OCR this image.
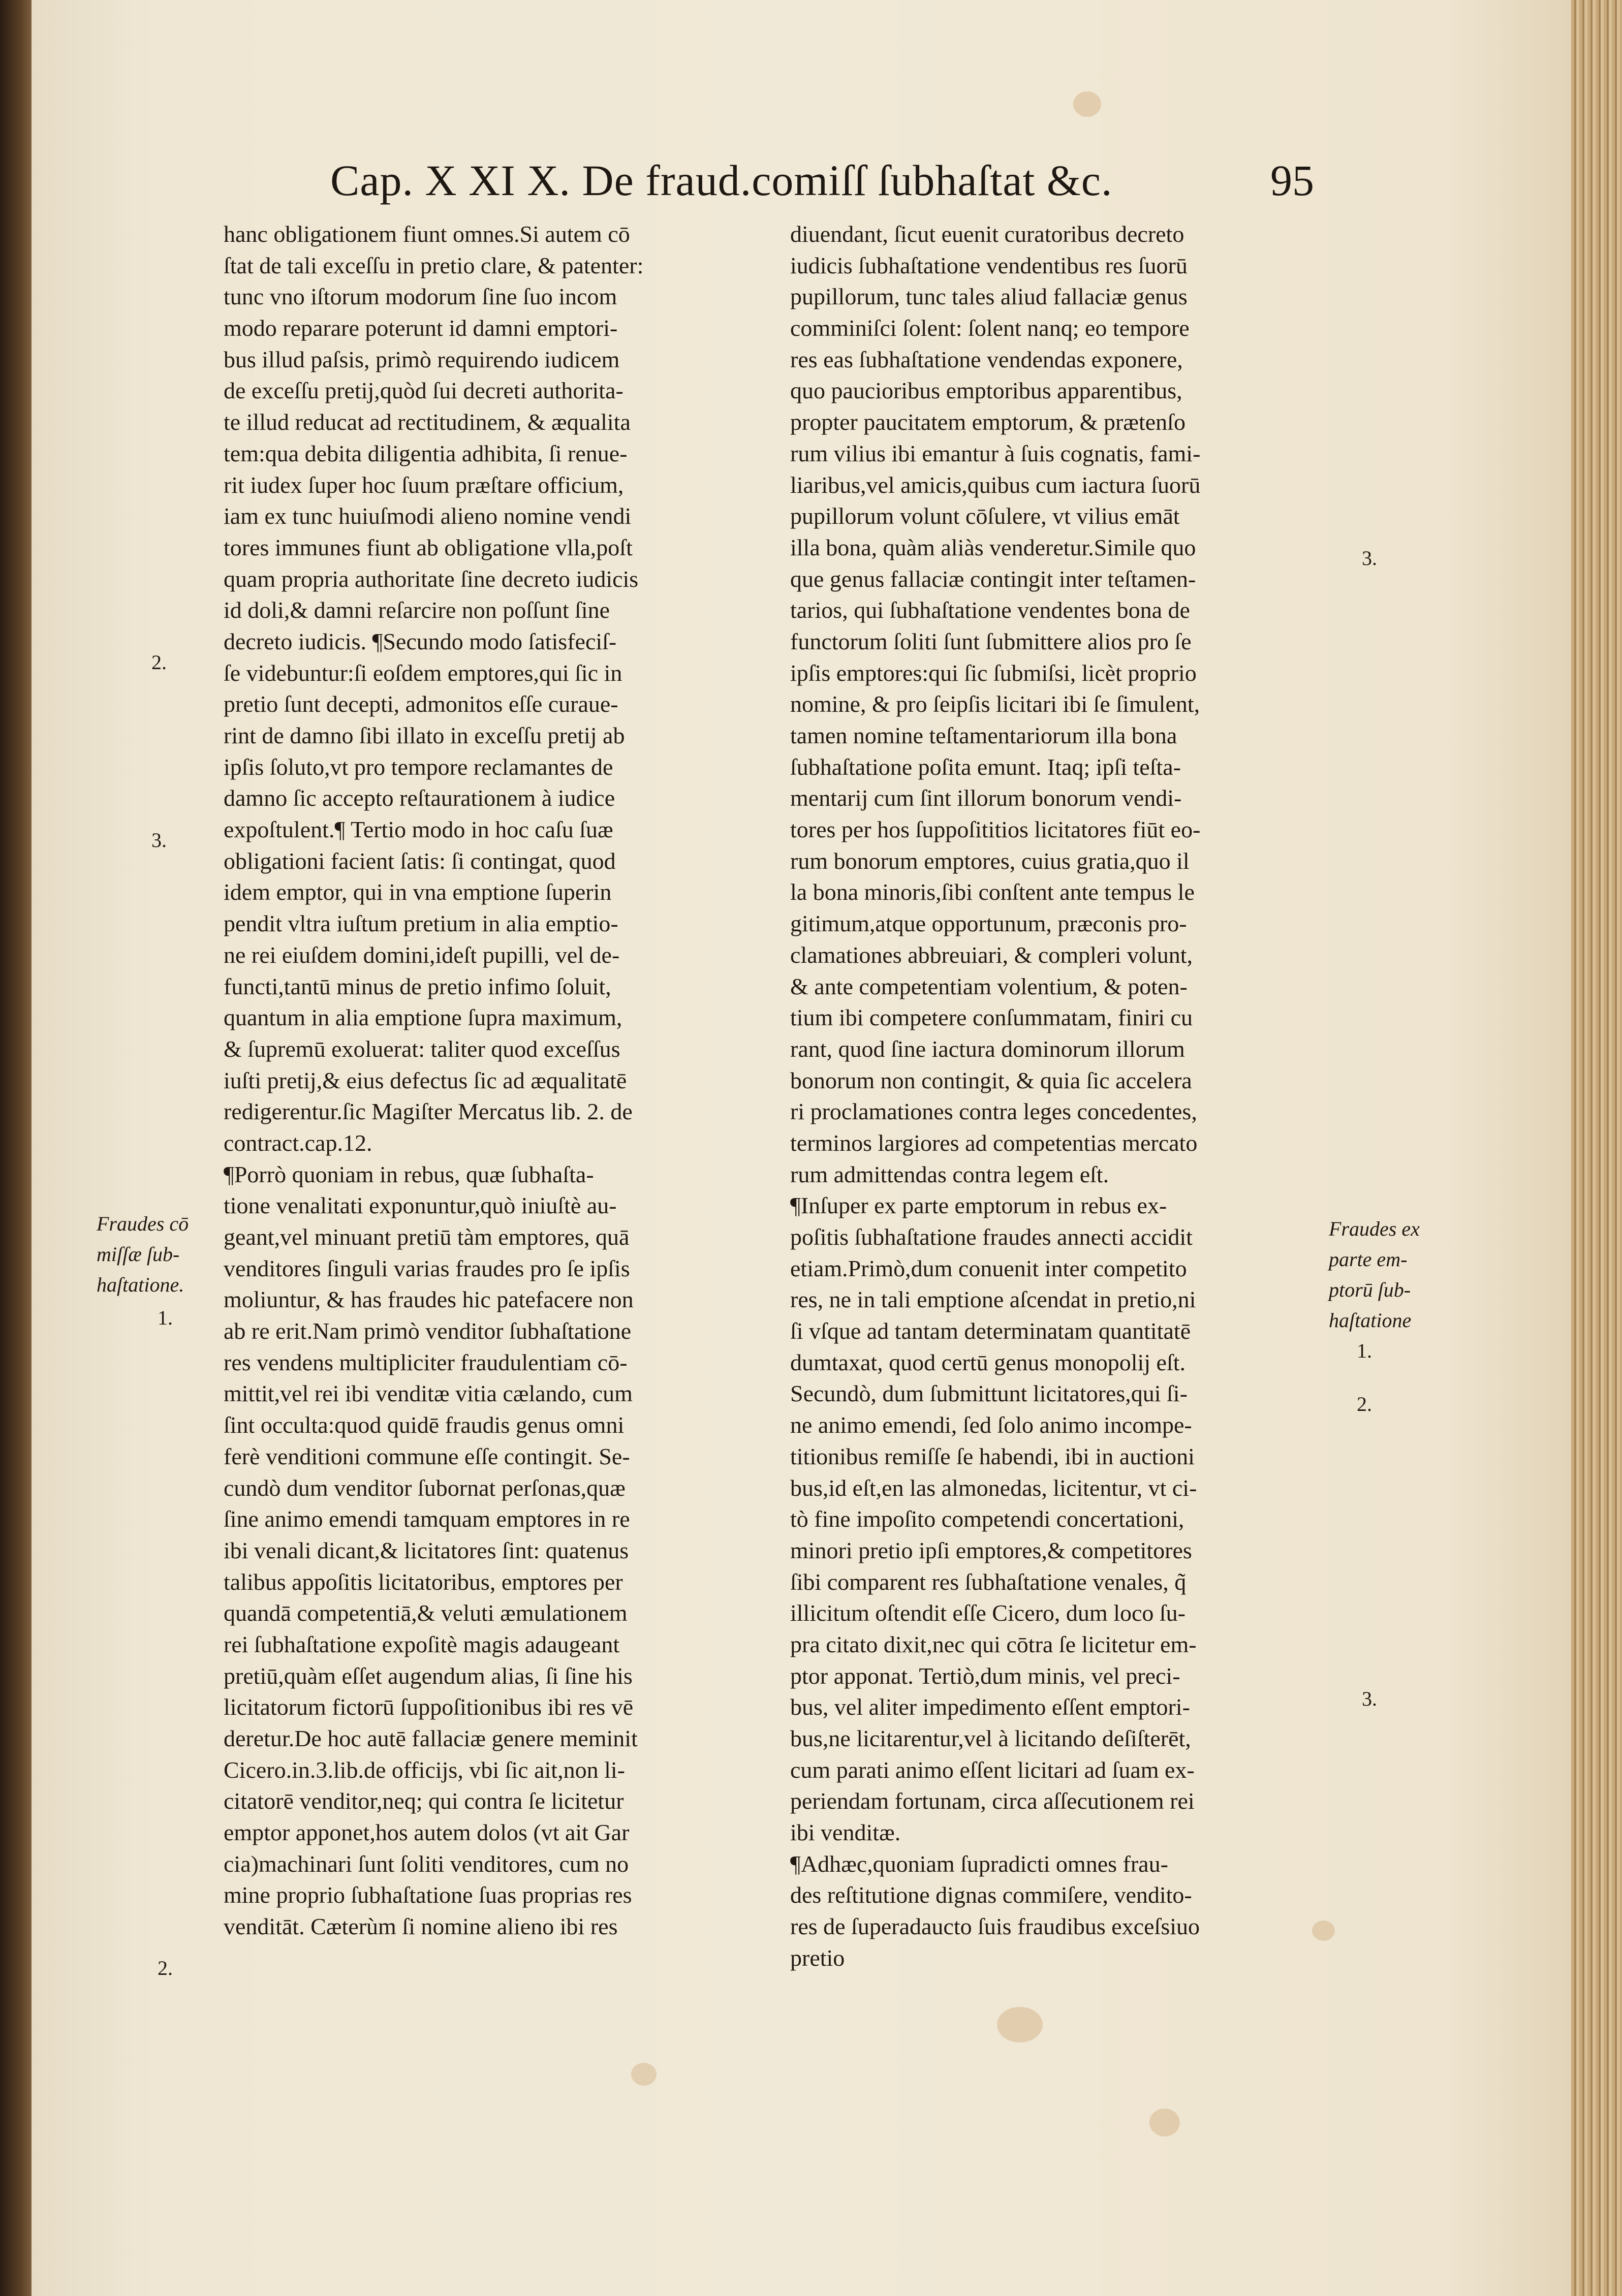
Cap. X XI X. De fraud.comiſſ ſubhaſtat &c.	95
hanc obligationem fiunt omnes.Si autem cō
ſtat de tali exceſſu in pretio clare, & patenter:
tunc vno iſtorum modorum ſine ſuo incom
modo reparare poterunt id damni emptori-
bus illud paſsis, primò requirendo iudicem
de exceſſu pretij,quòd ſui decreti authorita-
te illud reducat ad rectitudinem, & æqualita
tem:qua debita diligentia adhibita, ſi renue-
rit iudex ſuper hoc ſuum præſtare officium,
iam ex tunc huiuſmodi alieno nomine vendi
tores immunes fiunt ab obligatione vlla,poſt
quam propria authoritate ſine decreto iudicis
id doli,& damni reſarcire non poſſunt ſine
decreto iudicis. ¶Secundo modo ſatisfeciſ-
ſe videbuntur:ſi eoſdem emptores,qui ſic in
pretio ſunt decepti, admonitos eſſe curaue-
rint de damno ſibi illato in exceſſu pretij ab
ipſis ſoluto,vt pro tempore reclamantes de
damno ſic accepto reſtaurationem à iudice
expoſtulent.¶ Tertio modo in hoc caſu ſuæ
obligationi facient ſatis: ſi contingat, quod
idem emptor, qui in vna emptione ſuperin
pendit vltra iuſtum pretium in alia emptio-
ne rei eiuſdem domini,ideſt pupilli, vel de-
functi,tantū minus de pretio infimo ſoluit,
quantum in alia emptione ſupra maximum,
& ſupremū exoluerat: taliter quod exceſſus
iuſti pretij,& eius defectus ſic ad æqualitatē
redigerentur.ſic Magiſter Mercatus lib. 2. de
contract.cap.12.
¶Porrò quoniam in rebus, quæ ſubhaſta-
tione venalitati exponuntur,quò iniuſtè au-
geant,vel minuant pretiū tàm emptores, quā
venditores ſinguli varias fraudes pro ſe ipſis
moliuntur, & has fraudes hic patefacere non
ab re erit.Nam primò venditor ſubhaſtatione
res vendens multipliciter fraudulentiam cō-
mittit,vel rei ibi venditæ vitia cælando, cum
ſint occulta:quod quidē fraudis genus omni
ferè venditioni commune eſſe contingit. Se-
cundò dum venditor ſubornat perſonas,quæ
ſine animo emendi tamquam emptores in re
ibi venali dicant,& licitatores ſint: quatenus
talibus appoſitis licitatoribus, emptores per
quandā competentiā,& veluti æmulationem
rei ſubhaſtatione expoſitè magis adaugeant
pretiū,quàm eſſet augendum alias, ſi ſine his
licitatorum fictorū ſuppoſitionibus ibi res vē
deretur.De hoc autē fallaciæ genere meminit
Cicero.in.3.lib.de officijs, vbi ſic ait,non li-
citatorē venditor,neq; qui contra ſe licitetur
emptor apponet,hos autem dolos (vt ait Gar
cia)machinari ſunt ſoliti venditores, cum no
mine proprio ſubhaſtatione ſuas proprias res
venditāt. Cæterùm ſi nomine alieno ibi res
diuendant, ſicut euenit curatoribus decreto
iudicis ſubhaſtatione vendentibus res ſuorū
pupillorum, tunc tales aliud fallaciæ genus
comminiſci ſolent: ſolent nanq; eo tempore
res eas ſubhaſtatione vendendas exponere,
quo paucioribus emptoribus apparentibus,
propter paucitatem emptorum, & prætenſo
rum vilius ibi emantur à ſuis cognatis, fami-
liaribus,vel amicis,quibus cum iactura ſuorū
pupillorum volunt cōſulere, vt vilius emāt
illa bona, quàm aliàs venderetur.Simile quo
que genus fallaciæ contingit inter teſtamen-
tarios, qui ſubhaſtatione vendentes bona de
functorum ſoliti ſunt ſubmittere alios pro ſe
ipſis emptores:qui ſic ſubmiſsi, licèt proprio
nomine, & pro ſeipſis licitari ibi ſe ſimulent,
tamen nomine teſtamentariorum illa bona
ſubhaſtatione poſita emunt. Itaq; ipſi teſta-
mentarij cum ſint illorum bonorum vendi-
tores per hos ſuppoſititios licitatores fiūt eo-
rum bonorum emptores, cuius gratia,quo il
la bona minoris,ſibi conſtent ante tempus le
gitimum,atque opportunum, præconis pro-
clamationes abbreuiari, & compleri volunt,
& ante competentiam volentium, & poten-
tium ibi competere conſummatam, finiri cu
rant, quod ſine iactura dominorum illorum
bonorum non contingit, & quia ſic accelera
ri proclamationes contra leges concedentes,
terminos largiores ad competentias mercato
rum admittendas contra legem eſt.
¶Inſuper ex parte emptorum in rebus ex-
poſitis ſubhaſtatione fraudes annecti accidit
etiam.Primò,dum conuenit inter competito
res, ne in tali emptione aſcendat in pretio,ni
ſi vſque ad tantam determinatam quantitatē
dumtaxat, quod certū genus monopolij eſt.
Secundò, dum ſubmittunt licitatores,qui ſi-
ne animo emendi, ſed ſolo animo incompe-
titionibus remiſſe ſe habendi, ibi in auctioni
bus,id eſt,en las almonedas, licitentur, vt ci-
tò fine impoſito competendi concertationi,
minori pretio ipſi emptores,& competitores
ſibi comparent res ſubhaſtatione venales, q̃
illicitum oſtendit eſſe Cicero, dum loco ſu-
pra citato dixit,nec qui cōtra ſe licitetur em-
ptor apponat. Tertiò,dum minis, vel preci-
bus, vel aliter impedimento eſſent emptori-
bus,ne licitarentur,vel à licitando deſiſterēt,
cum parati animo eſſent licitari ad ſuam ex-
periendam fortunam, circa aſſecutionem rei
ibi venditæ.
¶Adhæc,quoniam ſupradicti omnes frau-
des reſtitutione dignas commiſere, vendito-
res de ſuperadaucto ſuis fraudibus exceſsiuo
pretio
2.
3.
Fraudes cō
miſſæ ſub-
haſtatione.
1.
2.
3.
Fraudes ex
parte em-
ptorū ſub-
haſtatione
1.
2.
3.
